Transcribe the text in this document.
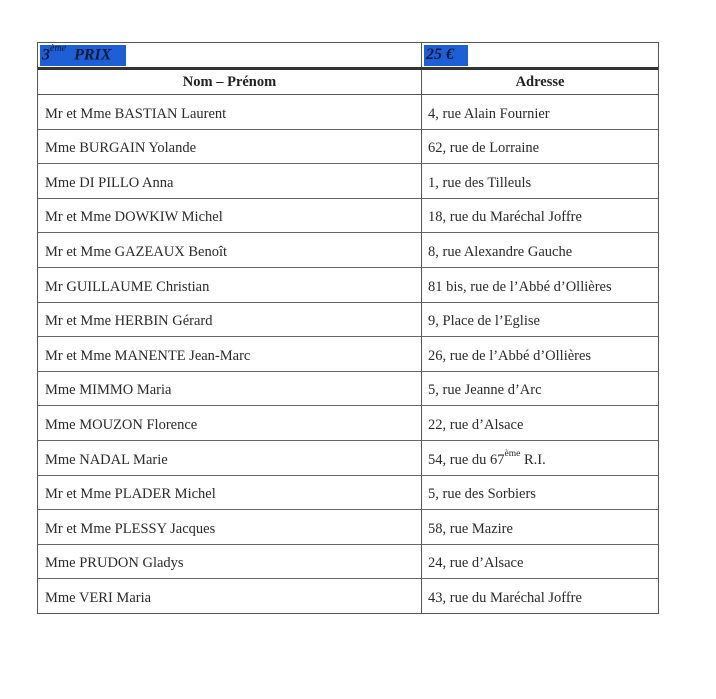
3ème PRIX	25 €
Nom – Prénom	Adresse
Mr et Mme BASTIAN Laurent	4, rue Alain Fournier
Mme BURGAIN Yolande	62, rue de Lorraine
Mme DI PILLO Anna	1, rue des Tilleuls
Mr et Mme DOWKIW Michel	18, rue du Maréchal Joffre
Mr et Mme GAZEAUX Benoît	8, rue Alexandre Gauche
Mr GUILLAUME Christian	81 bis, rue de l’Abbé d’Ollières
Mr et Mme HERBIN Gérard	9, Place de l’Eglise
Mr et Mme MANENTE Jean-Marc	26, rue de l’Abbé d’Ollières
Mme MIMMO Maria	5, rue Jeanne d’Arc
Mme MOUZON Florence	22, rue d’Alsace
Mme NADAL Marie	54, rue du 67ème R.I.
Mr et Mme PLADER Michel	5, rue des Sorbiers
Mr et Mme PLESSY Jacques	58, rue Mazire
Mme PRUDON Gladys	24, rue d’Alsace
Mme VERI Maria	43, rue du Maréchal Joffre
